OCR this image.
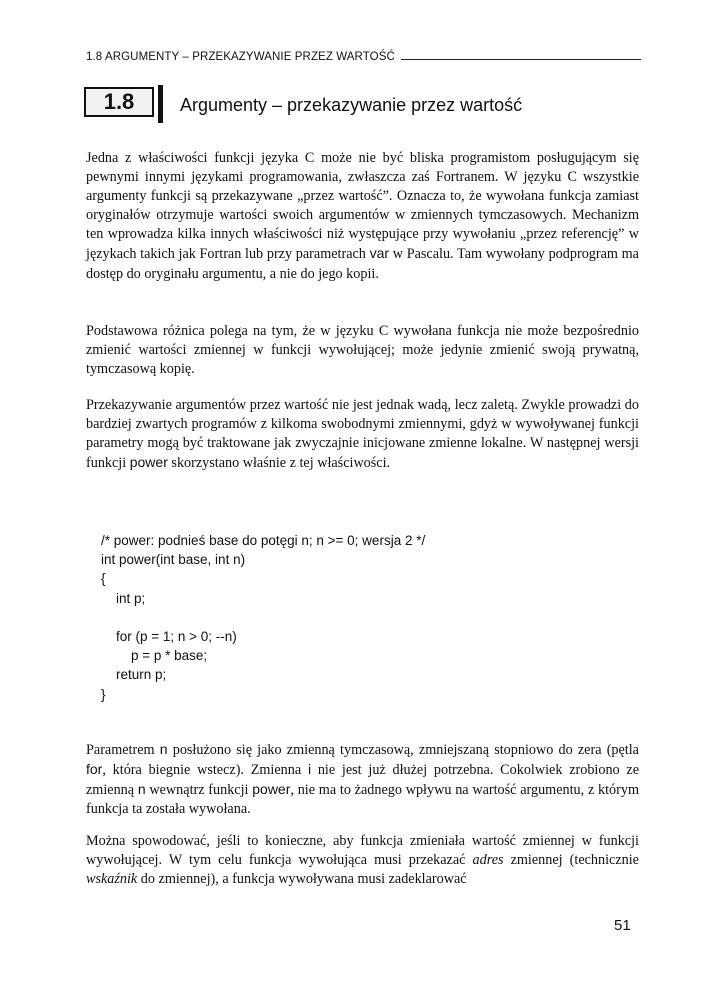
1.8 ARGUMENTY – PRZEKAZYWANIE PRZEZ WARTOŚĆ
1.8	Argumenty – przekazywanie przez wartość

Jedna z właściwości funkcji języka C może nie być bliska programistom posługującym się pewnymi innymi językami programowania, zwłaszcza zaś Fortranem. W języku C wszystkie argumenty funkcji są przekazywane „przez wartość”. Oznacza to, że wywołana funkcja zamiast oryginałów otrzymuje wartości swoich argumentów w zmiennych tymczasowych. Mechanizm ten wprowadza kilka innych właściwości niż występujące przy wywołaniu „przez referencję” w językach takich jak Fortran lub przy parametrach var w Pascalu. Tam wywołany podprogram ma dostęp do oryginału argumentu, a nie do jego kopii.

Podstawowa różnica polega na tym, że w języku C wywołana funkcja nie może bezpośrednio zmienić wartości zmiennej w funkcji wywołującej; może jedynie zmienić swoją prywatną, tymczasową kopię.

Przekazywanie argumentów przez wartość nie jest jednak wadą, lecz zaletą. Zwykle prowadzi do bardziej zwartych programów z kilkoma swobodnymi zmiennymi, gdyż w wywoływanej funkcji parametry mogą być traktowane jak zwyczajnie inicjowane zmienne lokalne. W następnej wersji funkcji power skorzystano właśnie z tej właściwości.

/* power: podnieś base do potęgi n; n >= 0; wersja 2 */
int power(int base, int n)
{
int p;
for (p = 1; n > 0; --n)
p = p * base;
return p;
}

Parametrem n posłużono się jako zmienną tymczasową, zmniejszaną stopniowo do zera (pętla for, która biegnie wstecz). Zmienna i nie jest już dłużej potrzebna. Cokolwiek zrobiono ze zmienną n wewnątrz funkcji power, nie ma to żadnego wpływu na wartość argumentu, z którym funkcja ta została wywołana.

Można spowodować, jeśli to konieczne, aby funkcja zmieniała wartość zmiennej w funkcji wywołującej. W tym celu funkcja wywołująca musi przekazać adres zmiennej (technicznie wskaźnik do zmiennej), a funkcja wywoływana musi zadeklarować

51
